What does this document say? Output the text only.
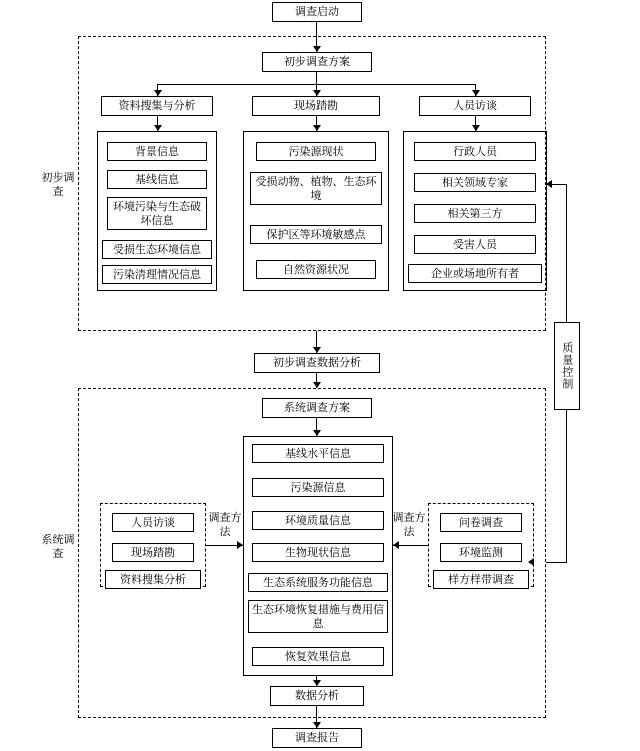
调查启动
初步调查
初步调查方案
资料搜集与分析	现场踏勘	人员访谈
背景信息
基线信息
环境污染与生态破坏信息
受损生态环境信息
污染清理情况信息
污染源现状
受损动物、植物、生态环境
保护区等环境敏感点
自然资源状况
行政人员
相关领域专家
相关第三方
受害人员
企业或场地所有者
初步调查数据分析
系统调查
系统调查方案
基线水平信息
污染源信息
环境质量信息
生物现状信息
生态系统服务功能信息
生态环境恢复措施与费用信息
恢复效果信息
人员访谈
现场踏勘
资料搜集分析
调查方法
问卷调查
环境监测
样方样带调查
调查方法
数据分析
调查报告
质量控制
